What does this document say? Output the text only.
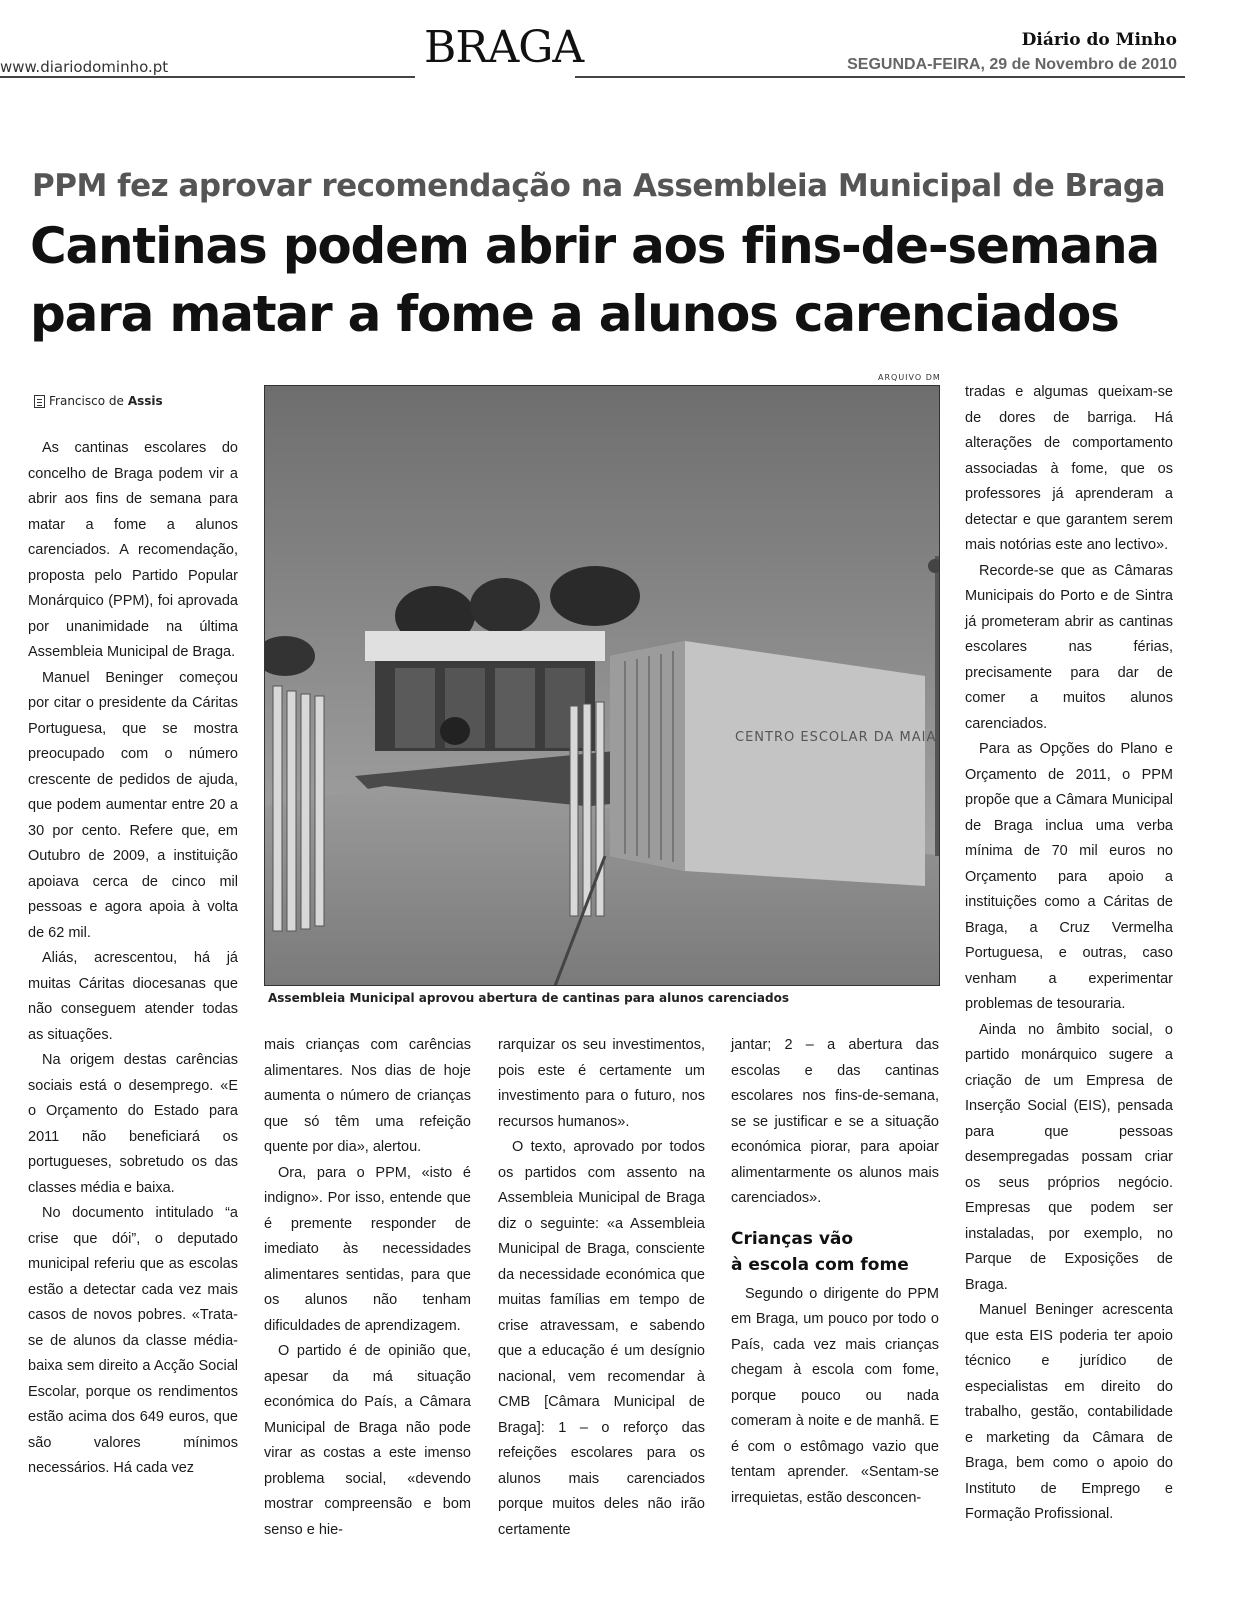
www.diariodominho.pt	BRAGA	Diário do Minho
SEGUNDA-FEIRA, 29 de Novembro de 2010
PPM fez aprovar recomendação na Assembleia Municipal de Braga
Cantinas podem abrir aos fins-de-semana
para matar a fome a alunos carenciados
Francisco de Assis
ARQUIVO DM
CENTRO ESCOLAR DA MAIA
Assembleia Municipal aprovou abertura de cantinas para alunos carenciados

As cantinas escolares do concelho de Braga podem vir a abrir aos fins de semana para matar a fome a alunos carenciados. A recomendação, proposta pelo Partido Popular Monárquico (PPM), foi aprovada por unanimidade na última Assembleia Municipal de Braga.

Manuel Beninger começou por citar o presidente da Cáritas Portuguesa, que se mostra preocupado com o número crescente de pedidos de ajuda, que podem aumentar entre 20 a 30 por cento. Refere que, em Outubro de 2009, a instituição apoiava cerca de cinco mil pessoas e agora apoia à volta de 62 mil.

Aliás, acrescentou, há já muitas Cáritas diocesanas que não conseguem atender todas as situações.

Na origem destas carências sociais está o desemprego. «E o Orçamento do Estado para 2011 não beneficiará os portugueses, sobretudo os das classes média e baixa.

No documento intitulado “a crise que dói”, o deputado municipal referiu que as escolas estão a detectar cada vez mais casos de novos pobres. «Trata-se de alunos da classe média-baixa sem direito a Acção Social Escolar, porque os rendimentos estão acima dos 649 euros, que são valores mínimos necessários. Há cada vez

mais crianças com carências alimentares. Nos dias de hoje aumenta o número de crianças que só têm uma refeição quente por dia», alertou.

Ora, para o PPM, «isto é indigno». Por isso, entende que é premente responder de imediato às necessidades alimentares sentidas, para que os alunos não tenham dificuldades de aprendizagem.

O partido é de opinião que, apesar da má situação económica do País, a Câmara Municipal de Braga não pode virar as costas a este imenso problema social, «devendo mostrar compreensão e bom senso e hie-

rarquizar os seu investimentos, pois este é certamente um investimento para o futuro, nos recursos humanos».

O texto, aprovado por todos os partidos com assento na Assembleia Municipal de Braga diz o seguinte: «a Assembleia Municipal de Braga, consciente da necessidade económica que muitas famílias em tempo de crise atravessam, e sabendo que a educação é um desígnio nacional, vem recomendar à CMB [Câmara Municipal de Braga]: 1 – o reforço das refeições escolares para os alunos mais carenciados porque muitos deles não irão certamente

jantar; 2 – a abertura das escolas e das cantinas escolares nos fins-de-semana, se se justificar e se a situação económica piorar, para apoiar alimentarmente os alunos mais carenciados».

Crianças vão
à escola com fome

Segundo o dirigente do PPM em Braga, um pouco por todo o País, cada vez mais crianças chegam à escola com fome, porque pouco ou nada comeram à noite e de manhã. E é com o estômago vazio que tentam aprender. «Sentam-se irrequietas, estão desconcen-

tradas e algumas queixam-se de dores de barriga. Há alterações de comportamento associadas à fome, que os professores já aprenderam a detectar e que garantem serem mais notórias este ano lectivo».

Recorde-se que as Câmaras Municipais do Porto e de Sintra já prometeram abrir as cantinas escolares nas férias, precisamente para dar de comer a muitos alunos carenciados.

Para as Opções do Plano e Orçamento de 2011, o PPM propõe que a Câmara Municipal de Braga inclua uma verba mínima de 70 mil euros no Orçamento para apoio a instituições como a Cáritas de Braga, a Cruz Vermelha Portuguesa, e outras, caso venham a experimentar problemas de tesouraria.

Ainda no âmbito social, o partido monárquico sugere a criação de um Empresa de Inserção Social (EIS), pensada para que pessoas desempregadas possam criar os seus próprios negócio. Empresas que podem ser instaladas, por exemplo, no Parque de Exposições de Braga.

Manuel Beninger acrescenta que esta EIS poderia ter apoio técnico e jurídico de especialistas em direito do trabalho, gestão, contabilidade e marketing da Câmara de Braga, bem como o apoio do Instituto de Emprego e Formação Profissional.
